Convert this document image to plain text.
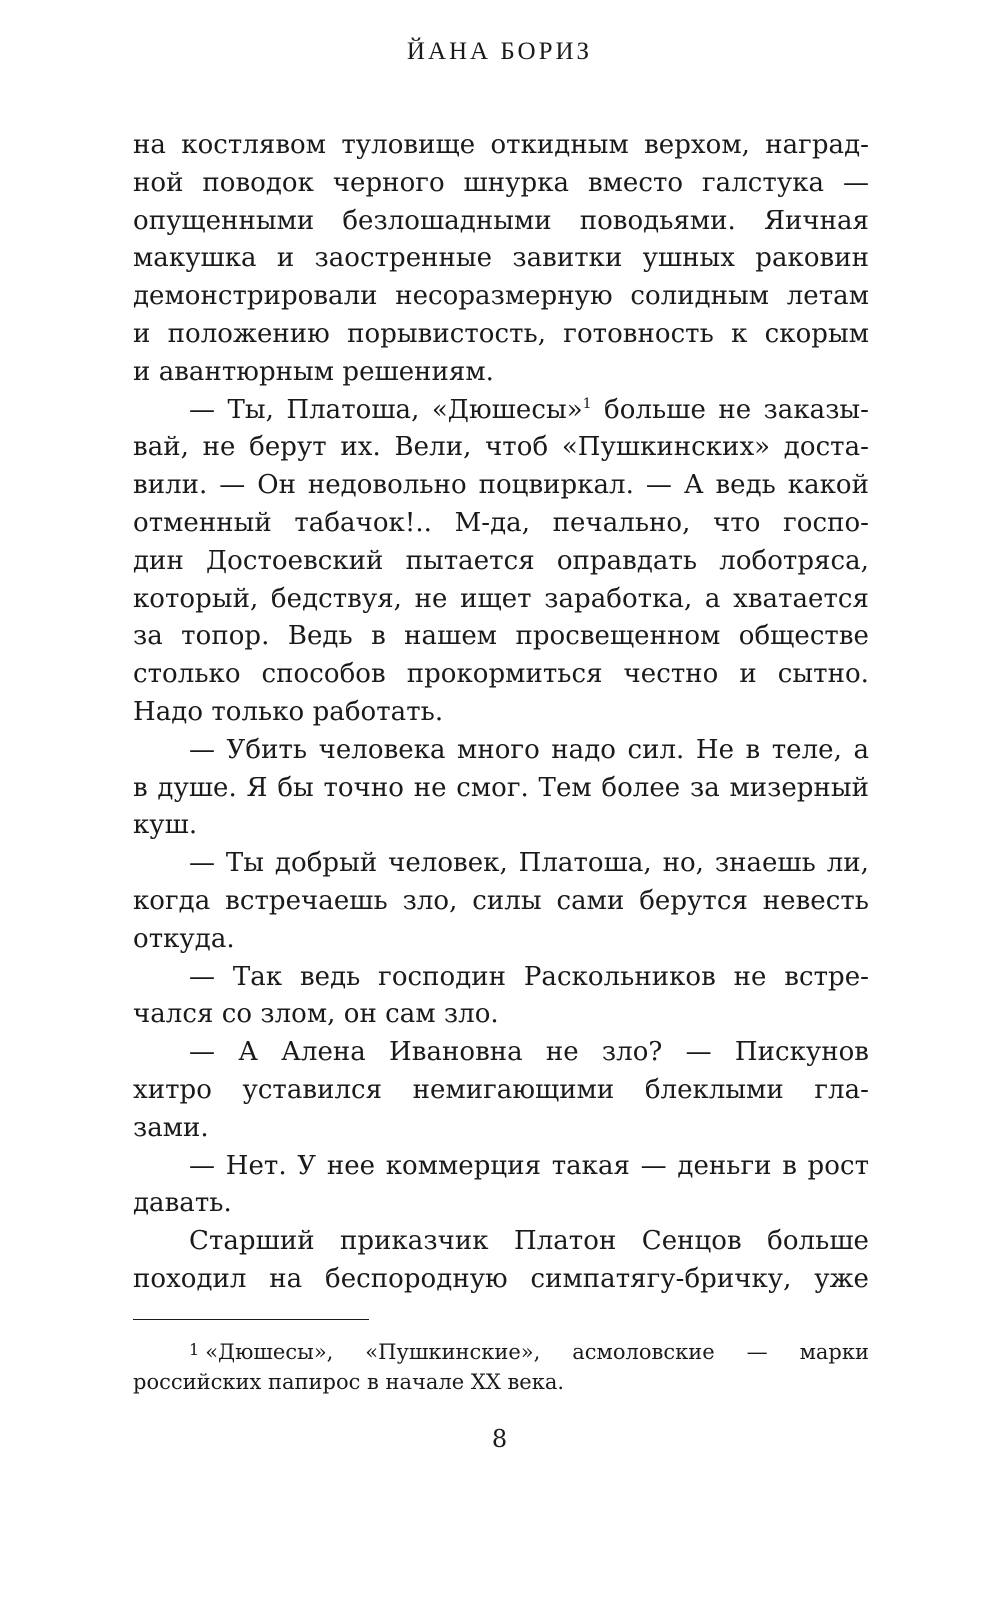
ЙАНА БОРИЗ
на костлявом туловище откидным верхом, наград-
ной поводок черного шнурка вместо галстука —
опущенными безлошадными поводьями. Яичная
макушка и заостренные завитки ушных раковин
демонстрировали несоразмерную солидным летам
и положению порывистость, готовность к скорым
и авантюрным решениям.
— Ты, Платоша, «Дюшесы»$^1$ больше не заказы-
вай, не берут их. Вели, чтоб «Пушкинских» доста-
вили. — Он недовольно поцвиркал. — А ведь какой
отменный табачок!.. М-да, печально, что госпо-
дин Достоевский пытается оправдать лоботряса,
который, бедствуя, не ищет заработка, а хватается
за топор. Ведь в нашем просвещенном обществе
столько способов прокормиться честно и сытно.
Надо только работать.
— Убить человека много надо сил. Не в теле, а
в душе. Я бы точно не смог. Тем более за мизерный
куш.
— Ты добрый человек, Платоша, но, знаешь ли,
когда встречаешь зло, силы сами берутся невесть
откуда.
— Так ведь господин Раскольников не встре-
чался со злом, он сам зло.
— А Алена Ивановна не зло? — Пискунов
хитро уставился немигающими блеклыми гла-
зами.
— Нет. У нее коммерция такая — деньги в рост
давать.
Старший приказчик Платон Сенцов больше
походил на беспородную симпатягу-бричку, уже
1 «Дюшесы», «Пушкинские», асмоловские — марки
российских папирос в начале XX века.
8
